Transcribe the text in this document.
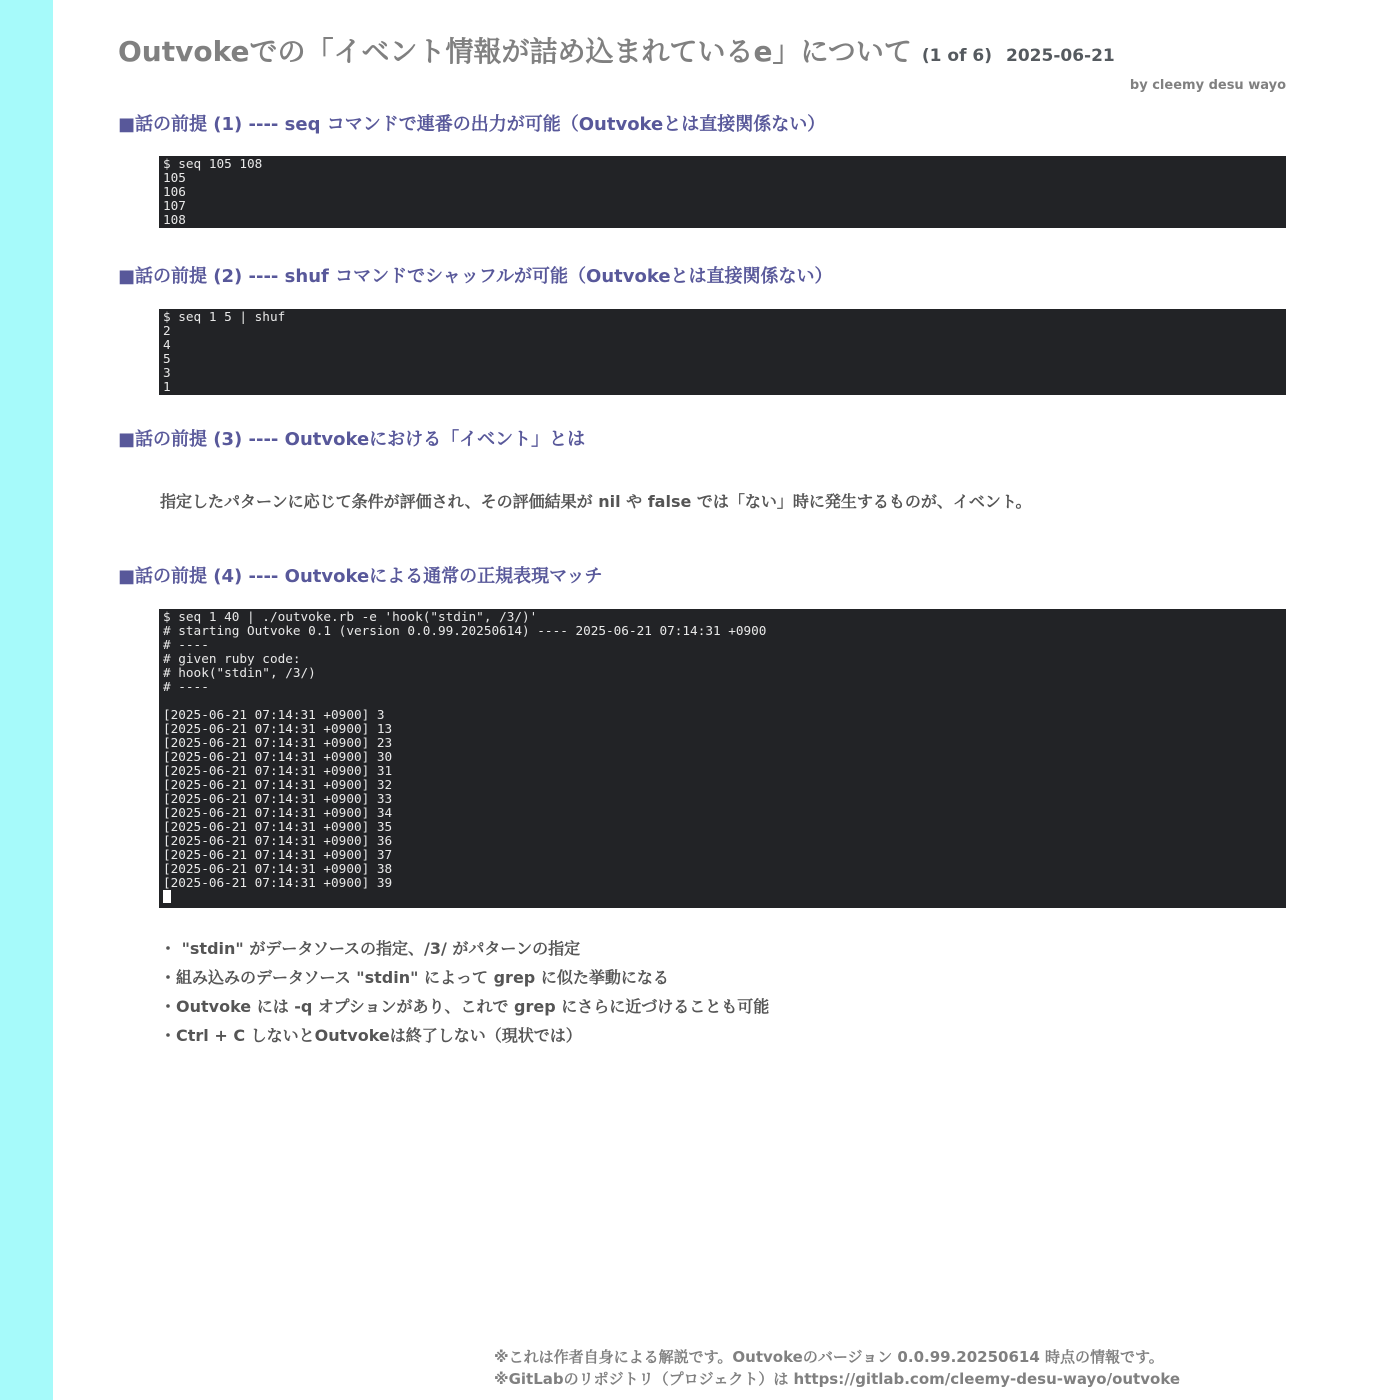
Outvokeでの「イベント情報が詰め込まれているe」について (1 of 6) 2025-06-21
by cleemy desu wayo
■話の前提 (1) ---- seq コマンドで連番の出力が可能（Outvokeとは直接関係ない）
$ seq 105 108
105
106
107
108
■話の前提 (2) ---- shuf コマンドでシャッフルが可能（Outvokeとは直接関係ない）
$ seq 1 5 | shuf
2
4
5
3
1
■話の前提 (3) ---- Outvokeにおける「イベント」とは
指定したパターンに応じて条件が評価され、その評価結果が nil や false では「ない」時に発生するものが、イベント。
■話の前提 (4) ---- Outvokeによる通常の正規表現マッチ
$ seq 1 40 | ./outvoke.rb -e 'hook("stdin", /3/)'
# starting Outvoke 0.1 (version 0.0.99.20250614) ---- 2025-06-21 07:14:31 +0900
# ----
# given ruby code:
# hook("stdin", /3/)
# ----
[2025-06-21 07:14:31 +0900] 3
[2025-06-21 07:14:31 +0900] 13
[2025-06-21 07:14:31 +0900] 23
[2025-06-21 07:14:31 +0900] 30
[2025-06-21 07:14:31 +0900] 31
[2025-06-21 07:14:31 +0900] 32
[2025-06-21 07:14:31 +0900] 33
[2025-06-21 07:14:31 +0900] 34
[2025-06-21 07:14:31 +0900] 35
[2025-06-21 07:14:31 +0900] 36
[2025-06-21 07:14:31 +0900] 37
[2025-06-21 07:14:31 +0900] 38
[2025-06-21 07:14:31 +0900] 39
・ "stdin" がデータソースの指定、/3/ がパターンの指定
・組み込みのデータソース "stdin" によって grep に似た挙動になる
・Outvoke には -q オプションがあり、これで grep にさらに近づけることも可能
・Ctrl + C しないとOutvokeは終了しない（現状では）
※これは作者自身による解説です。Outvokeのバージョン 0.0.99.20250614 時点の情報です。
※GitLabのリポジトリ（プロジェクト）は https://gitlab.com/cleemy-desu-wayo/outvoke
